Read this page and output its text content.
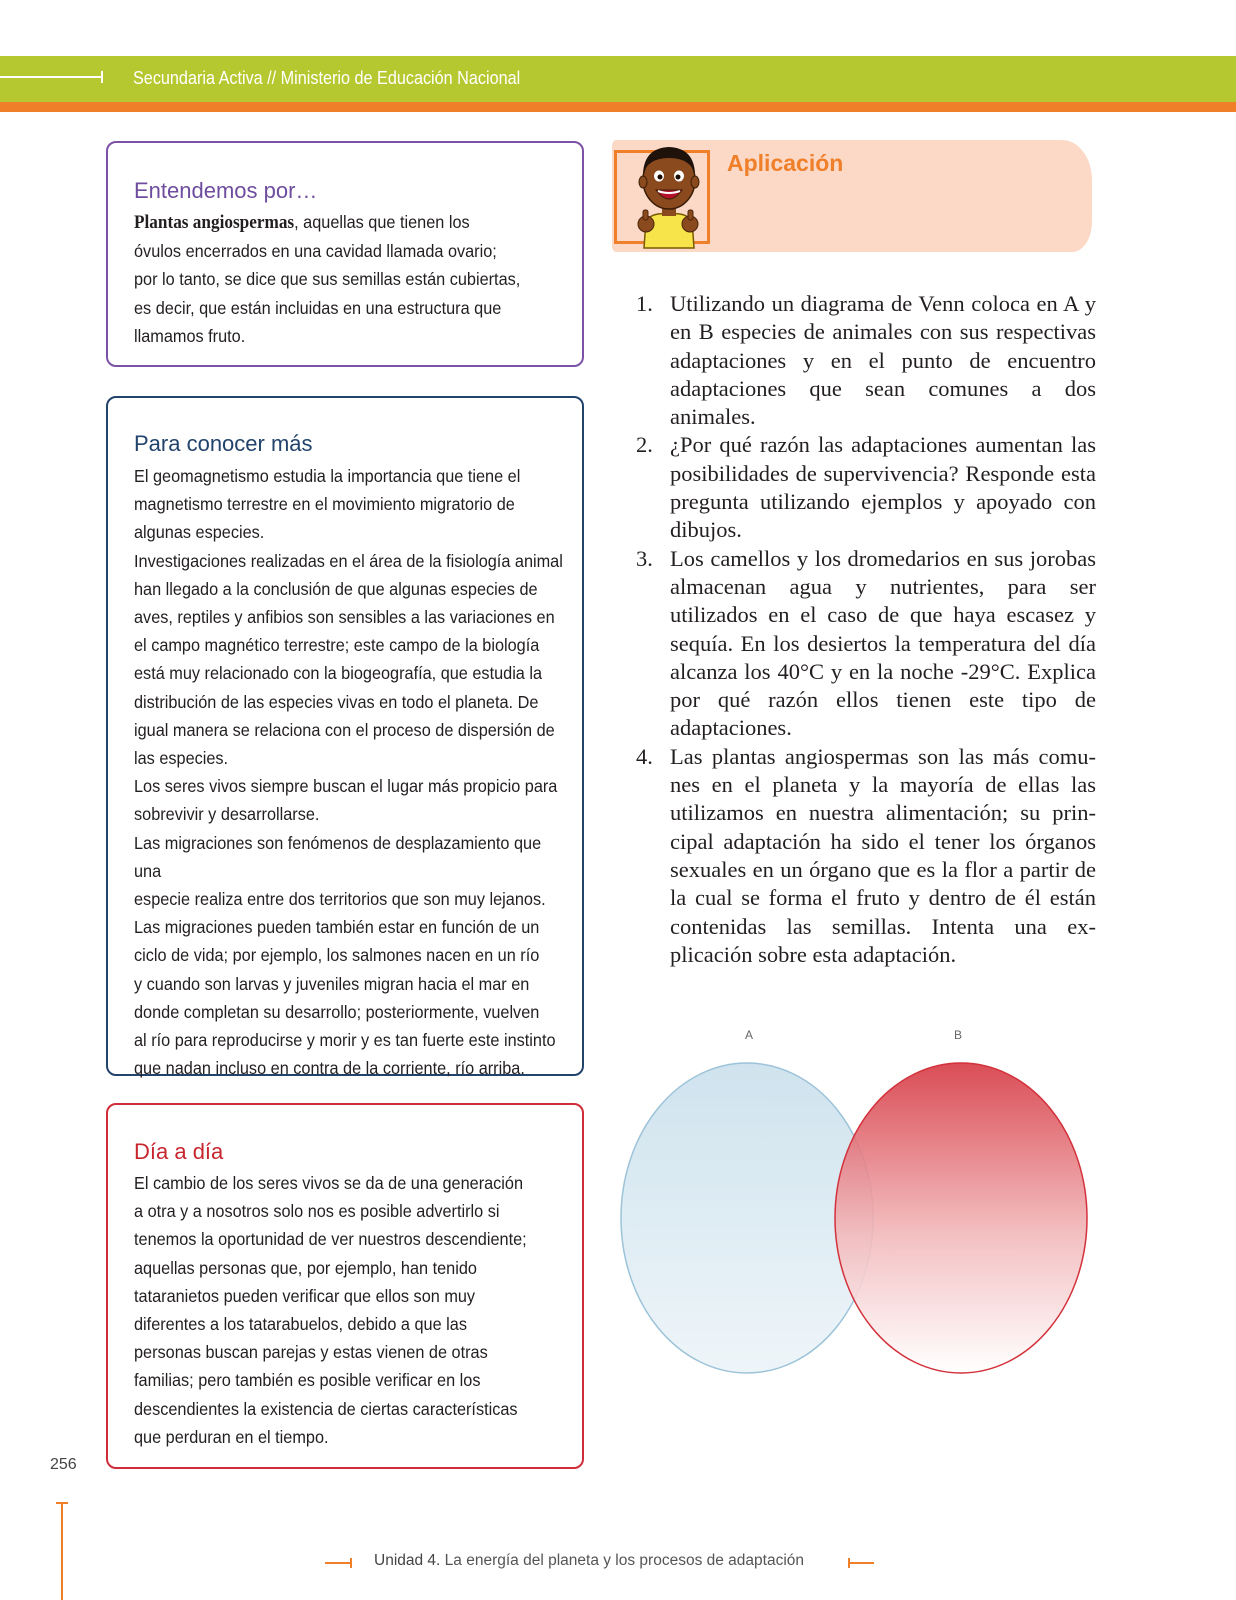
Secundaria Activa // Ministerio de Educación Nacional
Entendemos por…

Plantas angiospermas, aquellas que tienen los

óvulos encerrados en una cavidad llamada ovario;

por lo tanto, se dice que sus semillas están cubiertas,

es decir, que están incluidas en una estructura que

llamamos fruto.

Para conocer más

El geomagnetismo estudia la importancia que tiene el

magnetismo terrestre en el movimiento migratorio de

algunas especies.

Investigaciones realizadas en el área de la fisiología animal

han llegado a la conclusión de que algunas especies de

aves, reptiles y anfibios son sensibles a las variaciones en

el campo magnético terrestre; este campo de la biología

está muy relacionado con la biogeografía, que estudia la

distribución de las especies vivas en todo el planeta. De

igual manera se relaciona con el proceso de dispersión de

las especies.

Los seres vivos siempre buscan el lugar más propicio para

sobrevivir y desarrollarse.

Las migraciones son fenómenos de desplazamiento que una

especie realiza entre dos territorios que son muy lejanos.

Las migraciones pueden también estar en función de un

ciclo de vida; por ejemplo, los salmones nacen en un río

y cuando son larvas y juveniles migran hacia el mar en

donde completan su desarrollo; posteriormente, vuelven

al río para reproducirse y morir y es tan fuerte este instinto

que nadan incluso en contra de la corriente, río arriba.

Día a día

El cambio de los seres vivos se da de una generación

a otra y a nosotros solo nos es posible advertirlo si

tenemos la oportunidad de ver nuestros descendiente;

aquellas personas que, por ejemplo, han tenido

tataranietos pueden verificar que ellos son muy

diferentes a los tatarabuelos, debido a que las

personas buscan parejas y estas vienen de otras

familias; pero también es posible verificar en los

descendientes la existencia de ciertas características

que perduran en el tiempo.

Aplicación
1. Utilizando un diagrama de Venn coloca en A y en B especies de animales con sus respectivas adaptaciones y en el punto de encuentro adaptaciones que sean comunes a dos animales.
2. ¿Por qué razón las adaptaciones aumentan las posibilidades de supervivencia? Responde esta pregunta utilizando ejemplos y apoyado con dibujos.
3. Los camellos y los dromedarios en sus jorobas almacenan agua y nutrientes, para ser utilizados en el caso de que haya escasez y sequía. En los desiertos la temperatura del día alcanza los 40°C y en la noche -29°C. Explica por qué razón ellos tienen este tipo de adaptaciones.
4. Las plantas angiospermas son las más comunes en el planeta y la mayoría de ellas las utilizamos en nuestra alimentación; su principal adaptación ha sido el tener los órganos sexuales en un órgano que es la flor a partir de la cual se forma el fruto y dentro de él están contenidas las semillas. Intenta una explicación sobre esta adaptación.
A	B
256
Unidad 4. La energía del planeta y los procesos de adaptación
